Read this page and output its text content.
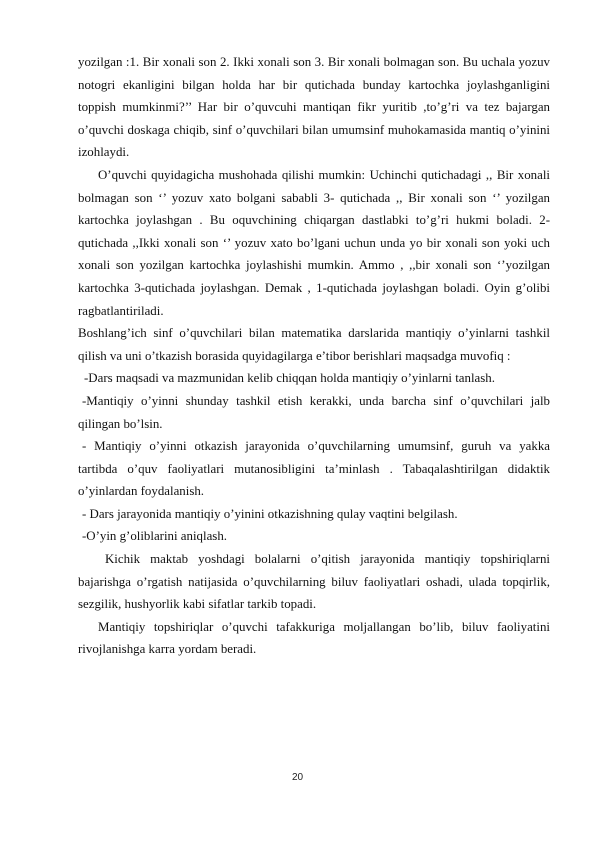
yozilgan :1. Bir xonali son 2. Ikki xonali son 3. Bir xonali bolmagan son. Bu uchala yozuv notogri ekanligini bilgan holda har bir qutichada bunday kartochka joylashganligini toppish mumkinmi?’’ Har bir o’quvcuhi mantiqan fikr yuritib ,to’g’ri va tez bajargan o’quvchi doskaga chiqib, sinf o’quvchilari bilan umumsinf muhokamasida mantiq o’yinini izohlaydi.

O’quvchi quyidagicha mushohada qilishi mumkin: Uchinchi qutichadagi ,, Bir xonali bolmagan son ‘’ yozuv xato bolgani sababli 3- qutichada ,, Bir xonali son ‘’ yozilgan kartochka joylashgan . Bu oquvchining chiqargan dastlabki to’g’ri hukmi boladi. 2-qutichada ,,Ikki xonali son ‘’ yozuv xato bo’lgani uchun unda yo bir xonali son yoki uch xonali son yozilgan kartochka joylashishi mumkin. Ammo , ,,bir xonali son ‘’yozilgan kartochka 3-qutichada joylashgan. Demak , 1-qutichada joylashgan boladi. Oyin g’olibi ragbatlantiriladi.

Boshlang’ich sinf o’quvchilari bilan matematika darslarida mantiqiy o’yinlarni tashkil qilish va uni o’tkazish borasida quyidagilarga e’tibor berishlari maqsadga muvofiq :

-Dars maqsadi va mazmunidan kelib chiqqan holda mantiqiy o’yinlarni tanlash.

-Mantiqiy o’yinni shunday tashkil etish kerakki, unda barcha sinf o’quvchilari jalb qilingan bo’lsin.

- Mantiqiy o’yinni otkazish jarayonida o’quvchilarning umumsinf, guruh va yakka tartibda o’quv faoliyatlari mutanosibligini ta’minlash . Tabaqalashtirilgan didaktik o’yinlardan foydalanish.

- Dars jarayonida mantiqiy o’yinini otkazishning qulay vaqtini belgilash.

-O’yin g’oliblarini aniqlash.

Kichik maktab yoshdagi bolalarni o’qitish jarayonida mantiqiy topshiriqlarni bajarishga o’rgatish natijasida o’quvchilarning biluv faoliyatlari oshadi, ulada topqirlik, sezgilik, hushyorlik kabi sifatlar tarkib topadi.

Mantiqiy topshiriqlar o’quvchi tafakkuriga moljallangan bo’lib, biluv faoliyatini rivojlanishga karra yordam beradi.

20
